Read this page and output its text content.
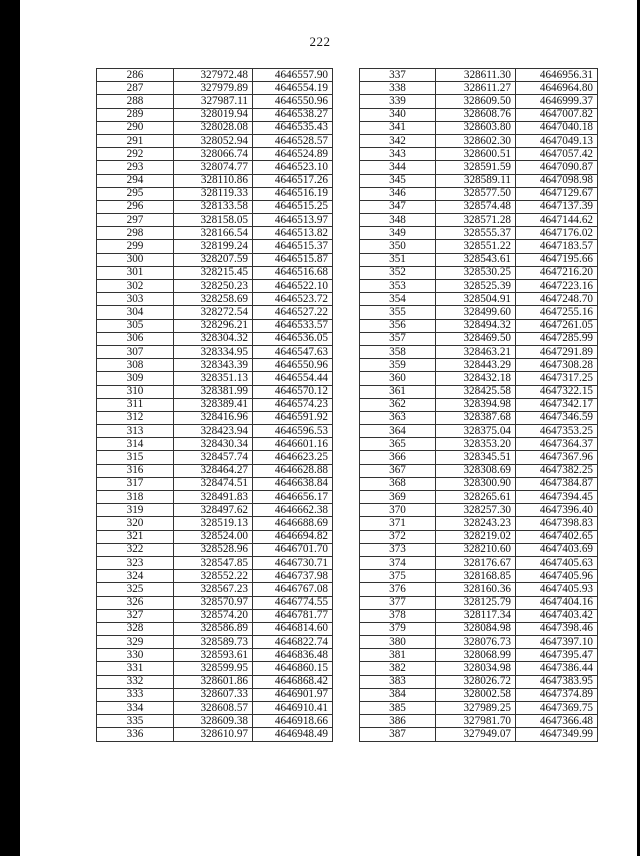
222
286	327972.48	4646557.90
287	327979.89	4646554.19
288	327987.11	4646550.96
289	328019.94	4646538.27
290	328028.08	4646535.43
291	328052.94	4646528.57
292	328066.74	4646524.89
293	328074.77	4646523.10
294	328110.86	4646517.26
295	328119.33	4646516.19
296	328133.58	4646515.25
297	328158.05	4646513.97
298	328166.54	4646513.82
299	328199.24	4646515.37
300	328207.59	4646515.87
301	328215.45	4646516.68
302	328250.23	4646522.10
303	328258.69	4646523.72
304	328272.54	4646527.22
305	328296.21	4646533.57
306	328304.32	4646536.05
307	328334.95	4646547.63
308	328343.39	4646550.96
309	328351.13	4646554.44
310	328381.99	4646570.12
311	328389.41	4646574.23
312	328416.96	4646591.92
313	328423.94	4646596.53
314	328430.34	4646601.16
315	328457.74	4646623.25
316	328464.27	4646628.88
317	328474.51	4646638.84
318	328491.83	4646656.17
319	328497.62	4646662.38
320	328519.13	4646688.69
321	328524.00	4646694.82
322	328528.96	4646701.70
323	328547.85	4646730.71
324	328552.22	4646737.98
325	328567.23	4646767.08
326	328570.97	4646774.55
327	328574.20	4646781.77
328	328586.89	4646814.60
329	328589.73	4646822.74
330	328593.61	4646836.48
331	328599.95	4646860.15
332	328601.86	4646868.42
333	328607.33	4646901.97
334	328608.57	4646910.41
335	328609.38	4646918.66
336	328610.97	4646948.49
337	328611.30	4646956.31
338	328611.27	4646964.80
339	328609.50	4646999.37
340	328608.76	4647007.82
341	328603.80	4647040.18
342	328602.30	4647049.13
343	328600.51	4647057.42
344	328591.59	4647090.87
345	328589.11	4647098.98
346	328577.50	4647129.67
347	328574.48	4647137.39
348	328571.28	4647144.62
349	328555.37	4647176.02
350	328551.22	4647183.57
351	328543.61	4647195.66
352	328530.25	4647216.20
353	328525.39	4647223.16
354	328504.91	4647248.70
355	328499.60	4647255.16
356	328494.32	4647261.05
357	328469.50	4647285.99
358	328463.21	4647291.89
359	328443.29	4647308.28
360	328432.18	4647317.25
361	328425.58	4647322.15
362	328394.98	4647342.17
363	328387.68	4647346.59
364	328375.04	4647353.25
365	328353.20	4647364.37
366	328345.51	4647367.96
367	328308.69	4647382.25
368	328300.90	4647384.87
369	328265.61	4647394.45
370	328257.30	4647396.40
371	328243.23	4647398.83
372	328219.02	4647402.65
373	328210.60	4647403.69
374	328176.67	4647405.63
375	328168.85	4647405.96
376	328160.36	4647405.93
377	328125.79	4647404.16
378	328117.34	4647403.42
379	328084.98	4647398.46
380	328076.73	4647397.10
381	328068.99	4647395.47
382	328034.98	4647386.44
383	328026.72	4647383.95
384	328002.58	4647374.89
385	327989.25	4647369.75
386	327981.70	4647366.48
387	327949.07	4647349.99
